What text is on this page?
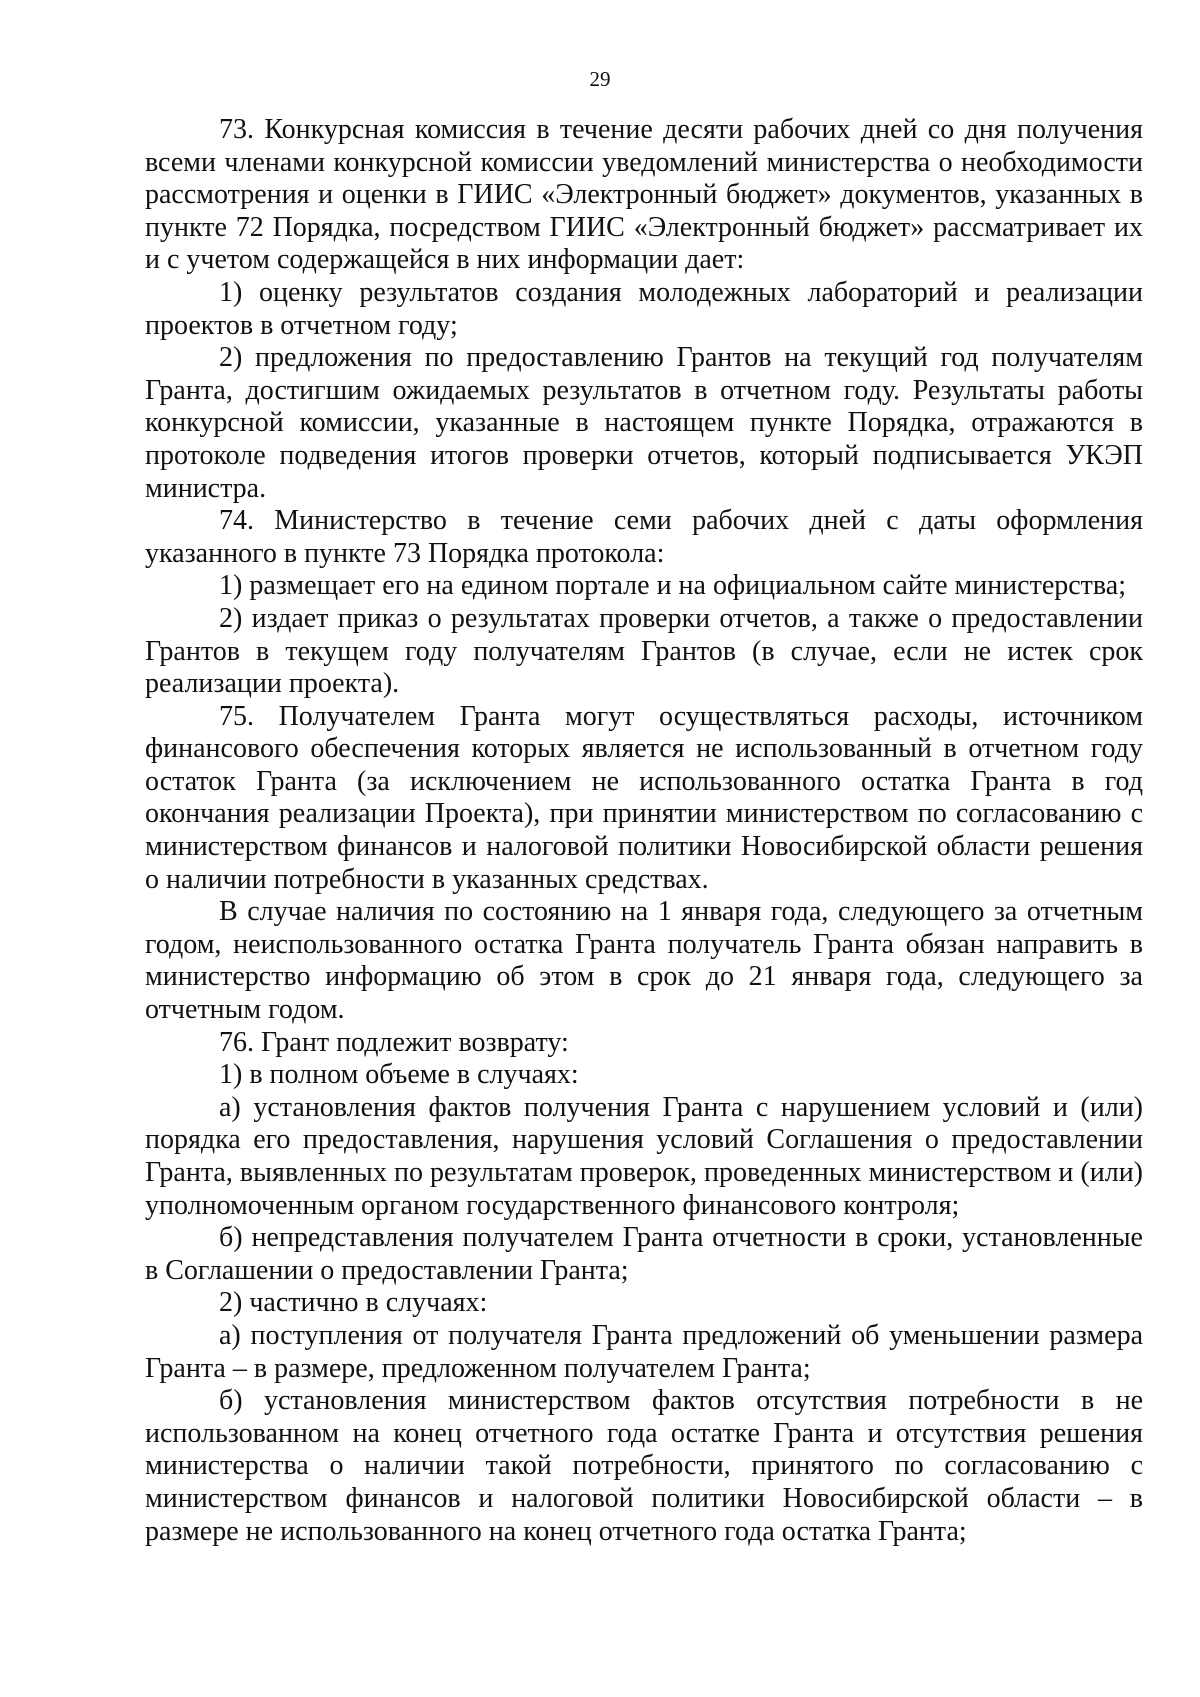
29

73. Конкурсная комиссия в течение десяти рабочих дней со дня получения всеми членами конкурсной комиссии уведомлений министерства о необходимости рассмотрения и оценки в ГИИС «Электронный бюджет» документов, указанных в пункте 72 Порядка, посредством ГИИС «Электронный бюджет» рассматривает их и с учетом содержащейся в них информации дает:

1) оценку результатов создания молодежных лабораторий и реализации проектов в отчетном году;

2) предложения по предоставлению Грантов на текущий год получателям Гранта, достигшим ожидаемых результатов в отчетном году. Результаты работы конкурсной комиссии, указанные в настоящем пункте Порядка, отражаются в протоколе подведения итогов проверки отчетов, который подписывается УКЭП министра.

74. Министерство в течение семи рабочих дней с даты оформления указанного в пункте 73 Порядка протокола:

1) размещает его на едином портале и на официальном сайте министерства;

2) издает приказ о результатах проверки отчетов, а также о предоставлении Грантов в текущем году получателям Грантов (в случае, если не истек срок реализации проекта).

75. Получателем Гранта могут осуществляться расходы, источником финансового обеспечения которых является не использованный в отчетном году остаток Гранта (за исключением не использованного остатка Гранта в год окончания реализации Проекта), при принятии министерством по согласованию с министерством финансов и налоговой политики Новосибирской области решения о наличии потребности в указанных средствах.

В случае наличия по состоянию на 1 января года, следующего за отчетным годом, неиспользованного остатка Гранта получатель Гранта обязан направить в министерство информацию об этом в срок до 21 января года, следующего за отчетным годом.

76. Грант подлежит возврату:

1) в полном объеме в случаях:

а) установления фактов получения Гранта с нарушением условий и (или) порядка его предоставления, нарушения условий Соглашения о предоставлении Гранта, выявленных по результатам проверок, проведенных министерством и (или) уполномоченным органом государственного финансового контроля;

б) непредставления получателем Гранта отчетности в сроки, установленные в Соглашении о предоставлении Гранта;

2) частично в случаях:

а) поступления от получателя Гранта предложений об уменьшении размера Гранта – в размере, предложенном получателем Гранта;

б) установления министерством фактов отсутствия потребности в не использованном на конец отчетного года остатке Гранта и отсутствия решения министерства о наличии такой потребности, принятого по согласованию с министерством финансов и налоговой политики Новосибирской области – в размере не использованного на конец отчетного года остатка Гранта;
